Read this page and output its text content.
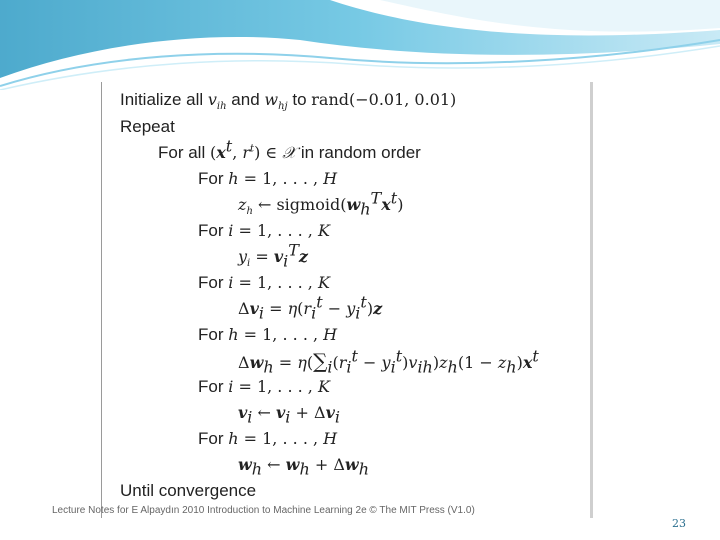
Initialize all $v_{ih}$ and $w_{hj}$ to rand(−0.01, 0.01)
Repeat
For all ($x^t$, $r^t$) ∈ 𝒳 in random order
For h = 1, . . . , H
$z_h$ ← $sigmoid(w_h^Tx^t)$
For i = 1, . . . , K
$y_i = v_i^Tz$
For i = 1, . . . , K
$\Delta v_i = \eta(r_i^t - y_i^t)z$
For h = 1, . . . , H
$\Delta w_h = \eta(\sum_i(r_i^t - y_i^t)v_{ih})z_h(1 - z_h)x^t$
For i = 1, . . . , K
$v_i$ ← $v_i + \Delta v_i$
For h = 1, . . . , H
$w_h$ ← $w_h + \Delta w_h$
Until convergence
Lecture Notes for E Alpaydın 2010 Introduction to Machine Learning 2e © The MIT Press (V1.0)
23
